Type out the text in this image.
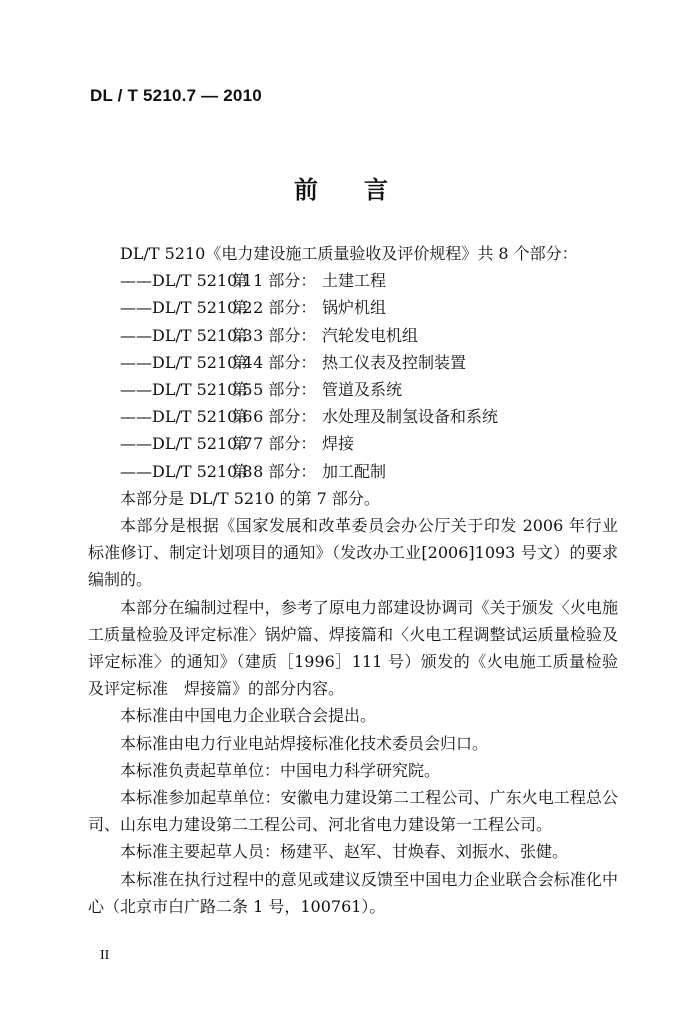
DL / T 5210.7 — 2010
前言
DL/T 5210《电力建设施工质量验收及评价规程》共 8 个部分：
——DL/T 5210.1第 1 部分： 土建工程
——DL/T 5210.2第 2 部分： 锅炉机组
——DL/T 5210.3第 3 部分： 汽轮发电机组
——DL/T 5210.4第 4 部分： 热工仪表及控制装置
——DL/T 5210.5第 5 部分： 管道及系统
——DL/T 5210.6第 6 部分： 水处理及制氢设备和系统
——DL/T 5210.7第 7 部分： 焊接
——DL/T 5210.8第 8 部分： 加工配制
本部分是 DL/T 5210 的第 7 部分。
本部分是根据《国家发展和改革委员会办公厅关于印发 2006 年行业标准修订、制定计划项目的通知》（发改办工业[2006]1093 号文）的要求编制的。
本部分在编制过程中，参考了原电力部建设协调司《关于颁发〈火电施工质量检验及评定标准〉锅炉篇、焊接篇和〈火电工程调整试运质量检验及评定标准〉的通知》（建质［1996］111 号）颁发的《火电施工质量检验及评定标准　焊接篇》的部分内容。
本标准由中国电力企业联合会提出。
本标准由电力行业电站焊接标准化技术委员会归口。
本标准负责起草单位：中国电力科学研究院。
本标准参加起草单位：安徽电力建设第二工程公司、广东火电工程总公司、山东电力建设第二工程公司、河北省电力建设第一工程公司。
本标准主要起草人员：杨建平、赵军、甘焕春、刘振水、张健。
本标准在执行过程中的意见或建议反馈至中国电力企业联合会标准化中心（北京市白广路二条 1 号，100761）。
II
